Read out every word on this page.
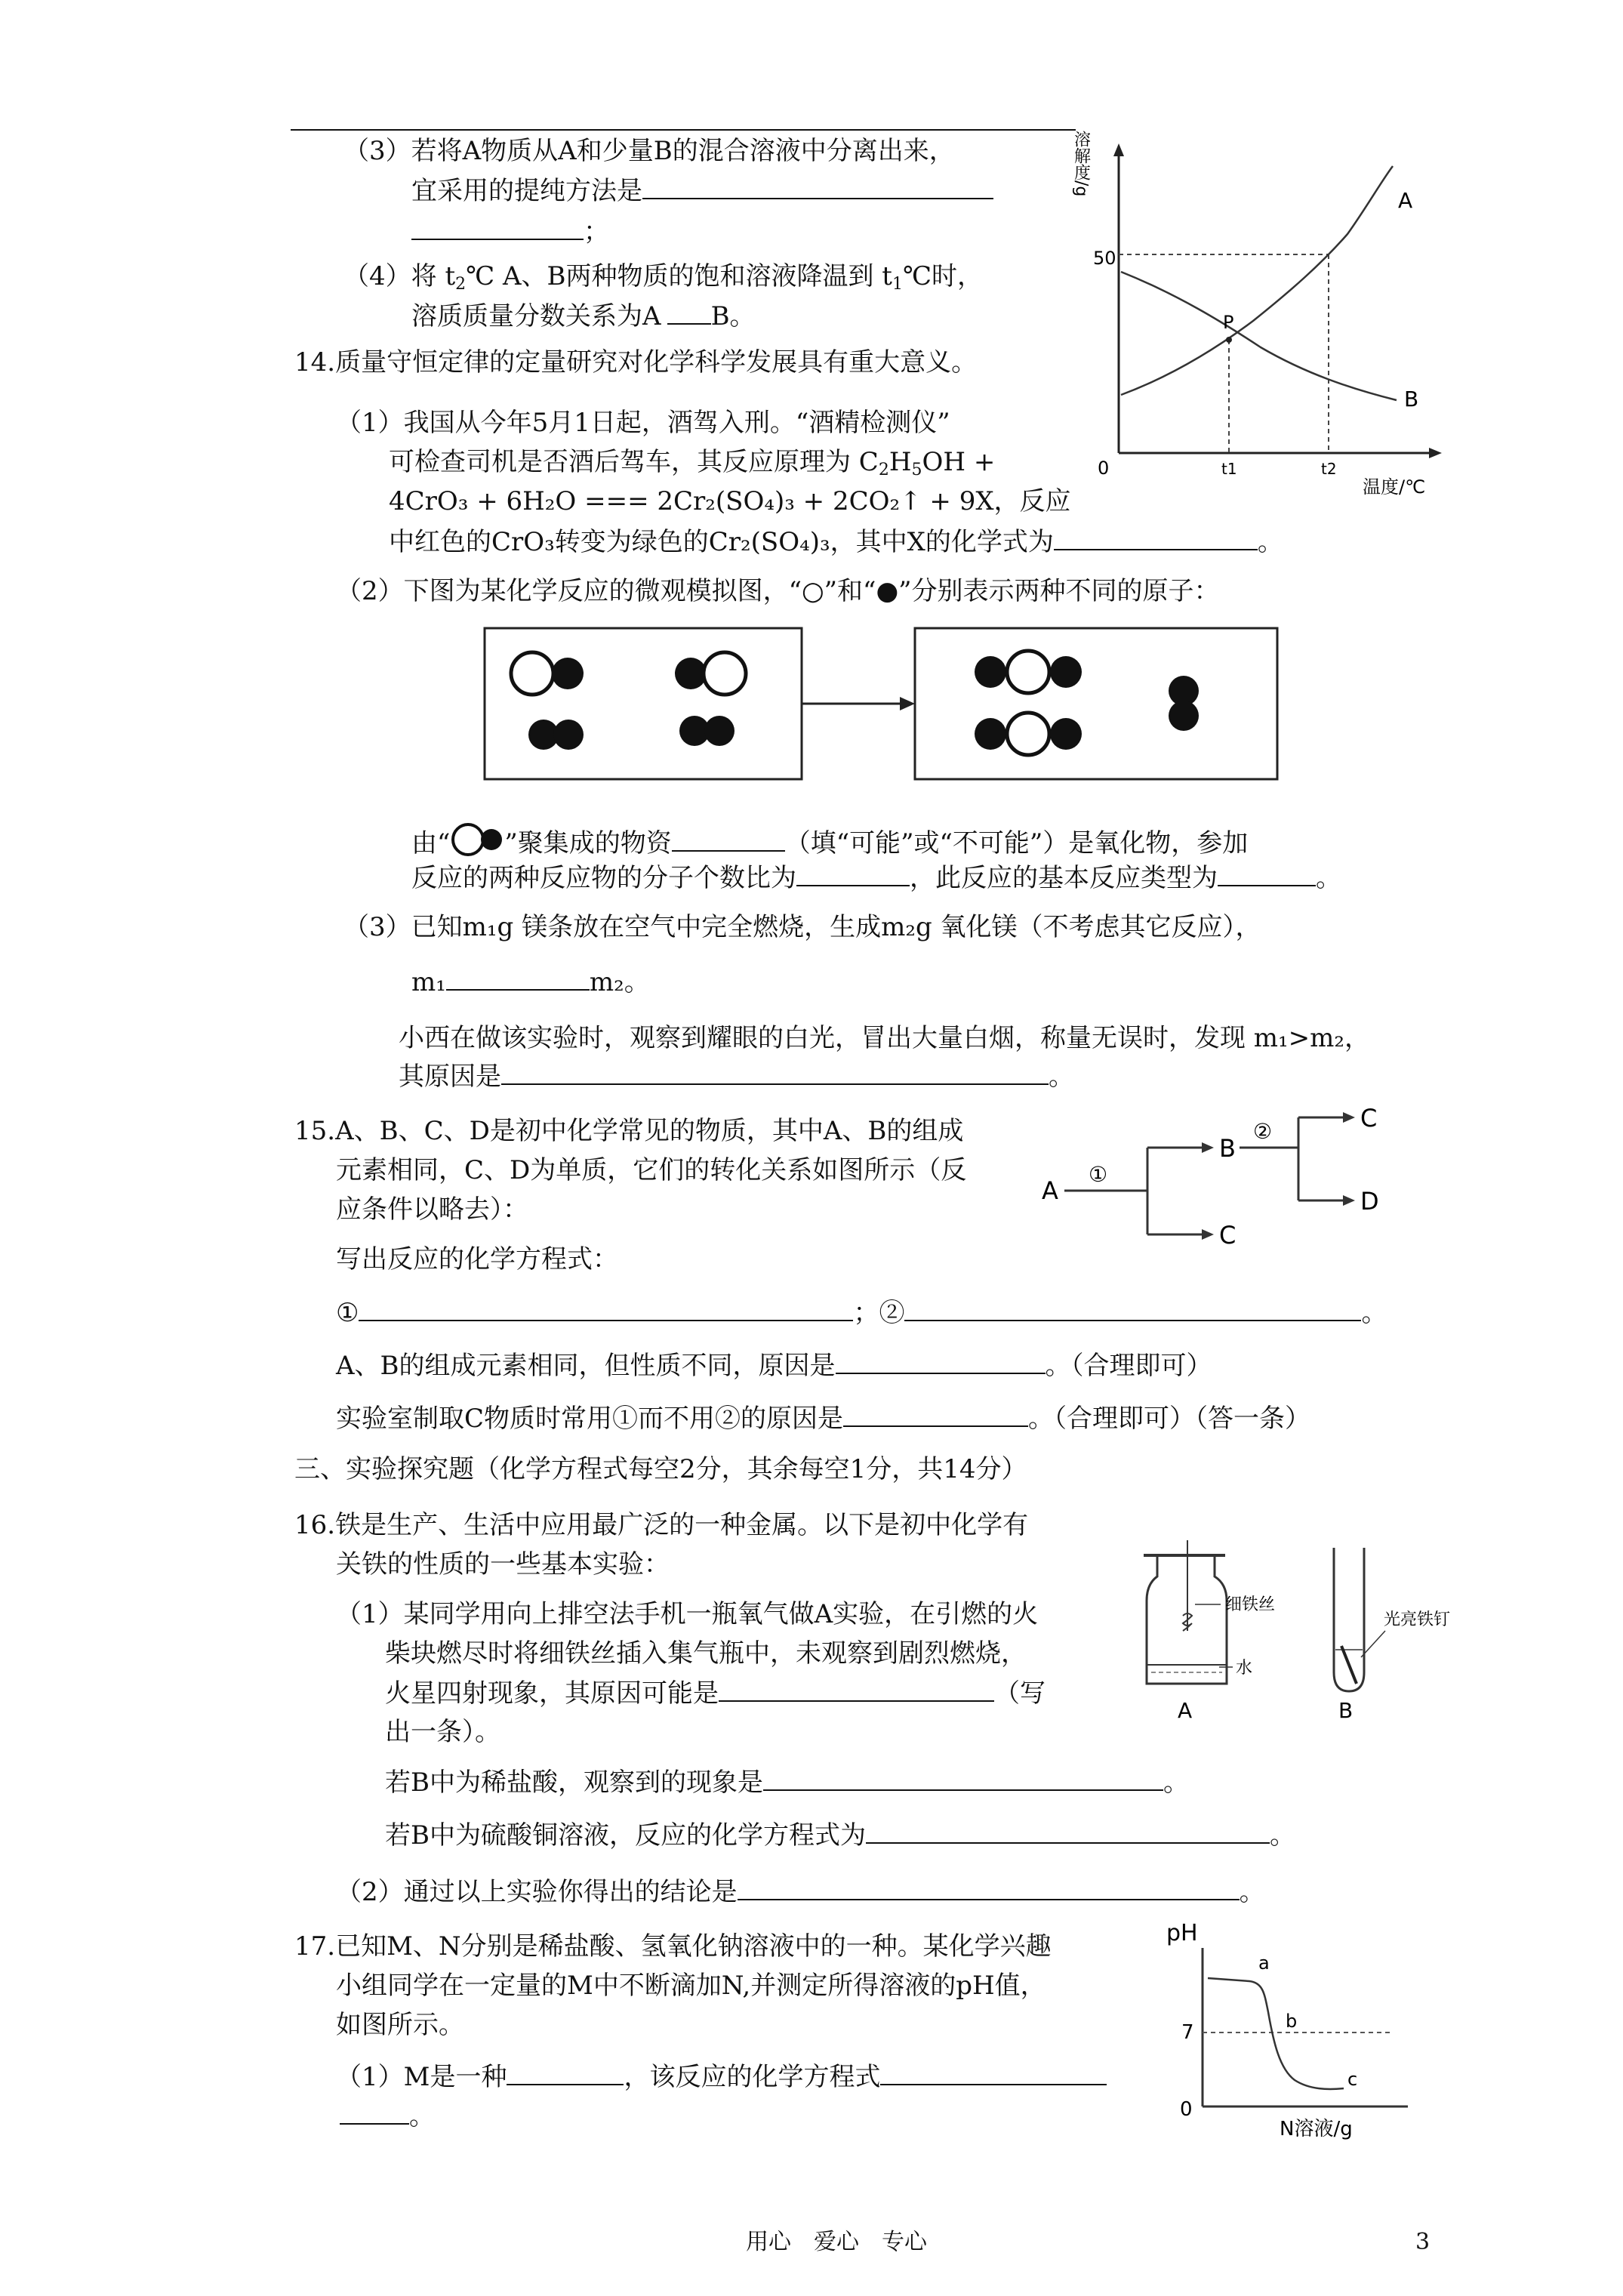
（3）若将A物质从A和少量B的混合溶液中分离出来，
宜采用的提纯方法是
；
（4）将 $t_2℃$ A、B两种物质的饱和溶液降温到 $t_1℃$时，
溶质质量分数关系为A B。
溶解度/g
50
0	t1	t2
温度/℃
P
A
B
14.质量守恒定律的定量研究对化学科学发展具有重大意义。
（1）我国从今年5月1日起，酒驾入刑。“酒精检测仪”
可检查司机是否酒后驾车，其反应原理为 $C_2H_5OH$ +
4CrO₃ + 6H₂O === 2Cr₂(SO₄)₃ + 2CO₂↑ + 9X，反应
中红色的CrO₃转变为绿色的Cr₂(SO₄)₃，其中X的化学式为	。
（2）下图为某化学反应的微观模拟图，“○”和“●”分别表示两种不同的原子：
由“ ”聚集成的物资	（填“可能”或“不可能”）是氧化物，参加
反应的两种反应物的分子个数比为	，此反应的基本反应类型为	。
（3）已知m₁g 镁条放在空气中完全燃烧，生成m₂g 氧化镁（不考虑其它反应），
m₁	m₂。
小西在做该实验时，观察到耀眼的白光，冒出大量白烟，称量无误时，发现 m₁>m₂，
其原因是	。
15.A、B、C、D是初中化学常见的物质，其中A、B的组成
元素相同，C、D为单质，它们的转化关系如图所示（反
应条件以略去）：
写出反应的化学方程式：
①	；②	。
A、B的组成元素相同，但性质不同，原因是	。（合理即可）
实验室制取C物质时常用①而不用②的原因是	。（合理即可）（答一条）
A
①
B
C
②	C
D
三、实验探究题（化学方程式每空2分，其余每空1分，共14分）
16.铁是生产、生活中应用最广泛的一种金属。以下是初中化学有
关铁的性质的一些基本实验：
（1）某同学用向上排空法手机一瓶氧气做A实验，在引燃的火
柴块燃尽时将细铁丝插入集气瓶中，未观察到剧烈燃烧，
火星四射现象，其原因可能是	（写
出一条）。
若B中为稀盐酸，观察到的现象是	。
若B中为硫酸铜溶液，反应的化学方程式为	。
（2）通过以上实验你得出的结论是	。
细铁丝
水
A
光亮铁钉
B
17.已知M、N分别是稀盐酸、氢氧化钠溶液中的一种。某化学兴趣
小组同学在一定量的M中不断滴加N,并测定所得溶液的pH值，
如图所示。
（1）M是一种	，该反应的化学方程式
。
pH
7
0
a
b
c
N溶液/g
用心　爱心　专心	3
